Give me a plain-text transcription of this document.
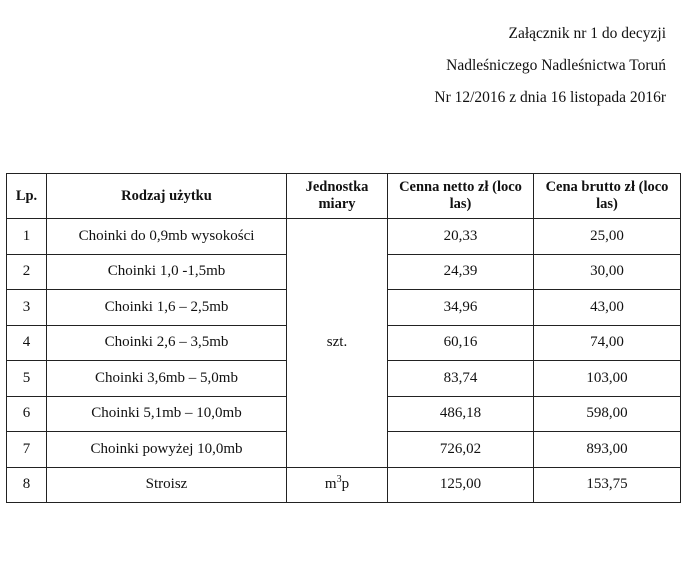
Załącznik nr 1 do decyzji
Nadleśniczego Nadleśnictwa Toruń
Nr 12/2016 z dnia 16 listopada 2016r
Lp.	Rodzaj użytku	Jednostka miary	Cenna netto zł (loco las)	Cena brutto zł (loco las)
1	Choinki do 0,9mb wysokości	szt.	20,33	25,00
2	Choinki 1,0 -1,5mb		24,39	30,00
3	Choinki 1,6 – 2,5mb		34,96	43,00
4	Choinki 2,6 – 3,5mb		60,16	74,00
5	Choinki 3,6mb – 5,0mb		83,74	103,00
6	Choinki 5,1mb – 10,0mb		486,18	598,00
7	Choinki powyżej 10,0mb		726,02	893,00
8	Stroisz	$m^3p$	125,00	153,75
